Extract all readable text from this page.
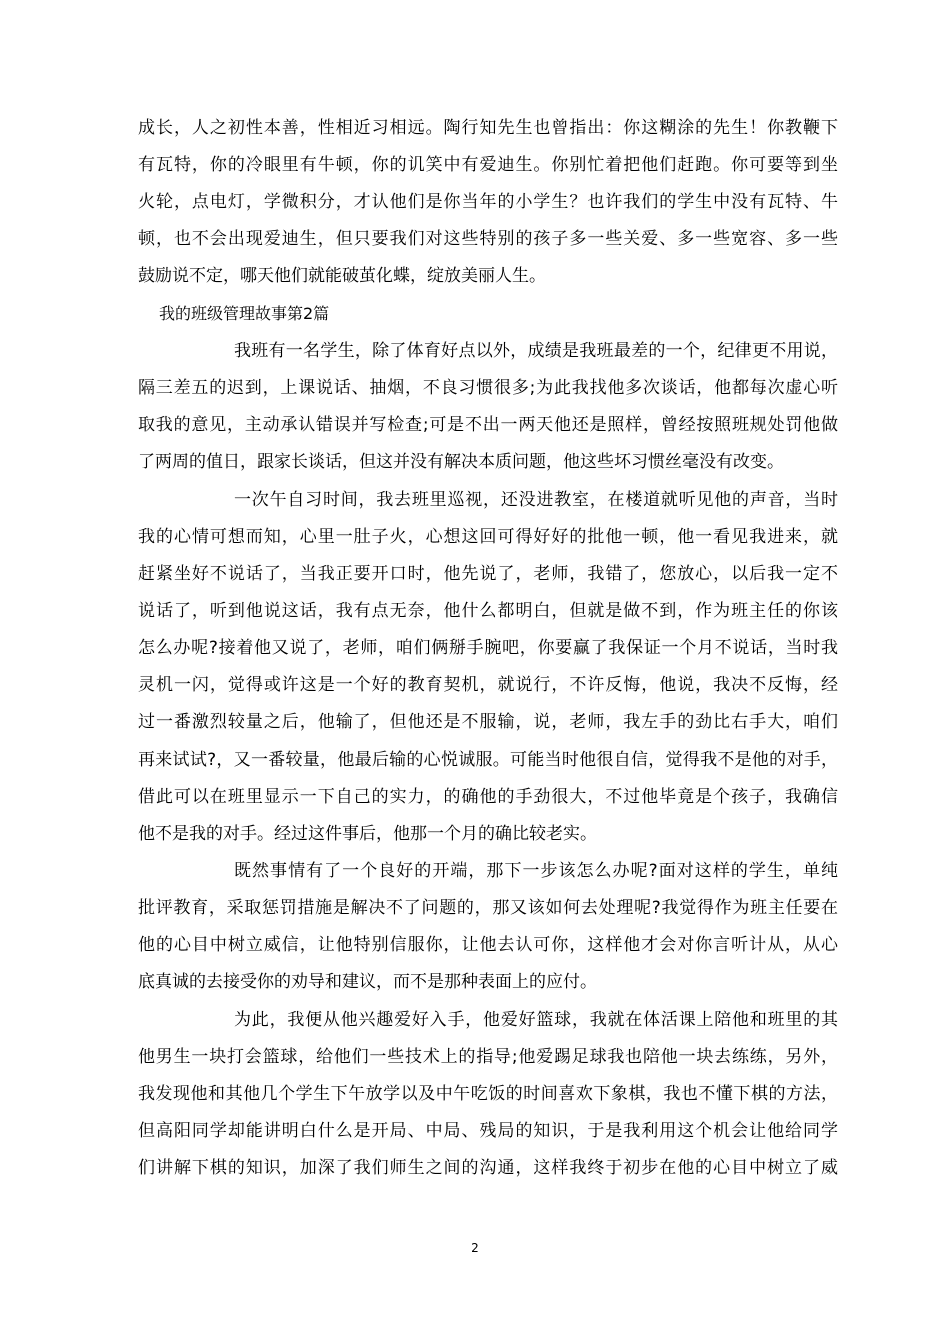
成长，人之初性本善，性相近习相远。陶行知先生也曾指出：你这糊涂的先生！你教鞭下
有瓦特，你的冷眼里有牛顿，你的讥笑中有爱迪生。你别忙着把他们赶跑。你可要等到坐
火轮，点电灯，学微积分，才认他们是你当年的小学生？也许我们的学生中没有瓦特、牛
顿，也不会出现爱迪生，但只要我们对这些特别的孩子多一些关爱、多一些宽容、多一些
鼓励说不定，哪天他们就能破茧化蝶，绽放美丽人生。
我的班级管理故事第2篇
我班有一名学生，除了体育好点以外，成绩是我班最差的一个，纪律更不用说，
隔三差五的迟到，上课说话、抽烟，不良习惯很多;为此我找他多次谈话，他都每次虚心听
取我的意见，主动承认错误并写检查;可是不出一两天他还是照样，曾经按照班规处罚他做
了两周的值日，跟家长谈话，但这并没有解决本质问题，他这些坏习惯丝毫没有改变。
一次午自习时间，我去班里巡视，还没进教室，在楼道就听见他的声音，当时
我的心情可想而知，心里一肚子火，心想这回可得好好的批他一顿，他一看见我进来，就
赶紧坐好不说话了，当我正要开口时，他先说了，老师，我错了，您放心，以后我一定不
说话了，听到他说这话，我有点无奈，他什么都明白，但就是做不到，作为班主任的你该
怎么办呢?接着他又说了，老师，咱们俩掰手腕吧，你要赢了我保证一个月不说话，当时我
灵机一闪，觉得或许这是一个好的教育契机，就说行，不许反悔，他说，我决不反悔，经
过一番激烈较量之后，他输了，但他还是不服输，说，老师，我左手的劲比右手大，咱们
再来试试?，又一番较量，他最后输的心悦诚服。可能当时他很自信，觉得我不是他的对手，
借此可以在班里显示一下自己的实力，的确他的手劲很大，不过他毕竟是个孩子，我确信
他不是我的对手。经过这件事后，他那一个月的确比较老实。
既然事情有了一个良好的开端，那下一步该怎么办呢?面对这样的学生，单纯
批评教育，采取惩罚措施是解决不了问题的，那又该如何去处理呢?我觉得作为班主任要在
他的心目中树立威信，让他特别信服你，让他去认可你，这样他才会对你言听计从，从心
底真诚的去接受你的劝导和建议，而不是那种表面上的应付。
为此，我便从他兴趣爱好入手，他爱好篮球，我就在体活课上陪他和班里的其
他男生一块打会篮球，给他们一些技术上的指导;他爱踢足球我也陪他一块去练练，另外，
我发现他和其他几个学生下午放学以及中午吃饭的时间喜欢下象棋，我也不懂下棋的方法，
但高阳同学却能讲明白什么是开局、中局、残局的知识，于是我利用这个机会让他给同学
们讲解下棋的知识，加深了我们师生之间的沟通，这样我终于初步在他的心目中树立了威
2
